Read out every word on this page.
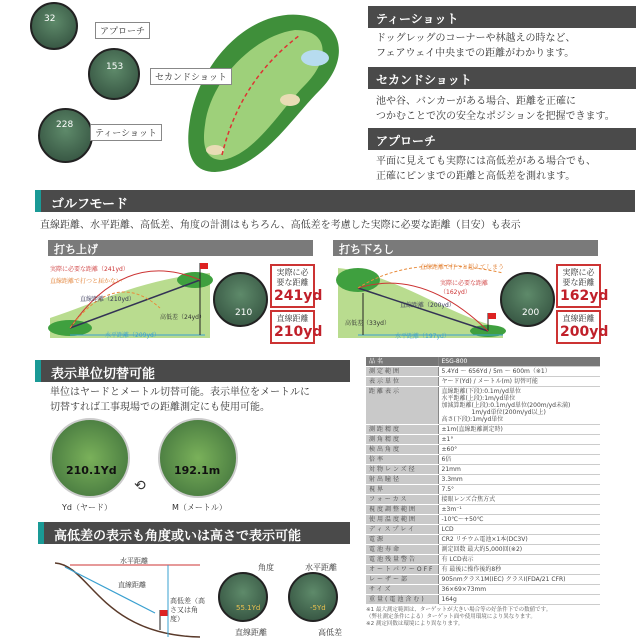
32
アプローチ
153
セカンドショット
228
ティーショット
ティーショット
ドッグレッグのコーナーや林越えの時など、
フェアウェイ中央までの距離がわかります。
セカンドショット
池や谷、バンカーがある場合、距離を正確に
つかむことで次の安全なポジションを把握できます。
アプローチ
平面に見えても実際には高低差がある場合でも、
正確にピンまでの距離と高低差を測れます。
ゴルフモード
直線距離、水平距離、高低差、角度の計測はもちろん、高低差を考慮した実際に必要な距離（目安）も表示
打ち上げ
実際に必要な距離（241yd）
直線距離で打つと届かない
直線距離（210yd）
高低差（24yd）
水平距離（209yd）
210
実際に必要な距離
241yd
直線距離
210yd
打ち下ろし
直線距離で打つと超えてしまう
実際に必要な距離
（162yd）
直線距離（200yd）
高低差（33yd）
水平距離（197yd）
200
実際に必要な距離
162yd
直線距離
200yd
表示単位切替可能
単位はヤードとメートル切替可能。表示単位をメートルに
切替すれば工事現場での距離測定にも使用可能。
210.1Yd	192.1m
⟲
Yd（ヤード）	M（メートル）
高低差の表示も角度或いは高さで表示可能
水平距離
直線距離
高低差（高さ又は角度）
角度
55.1Yd
直線距離
水平距離
-5Yd
高低差
品名	ESG-800
測定範囲	5.4Yd 〜 656Yd / 5m 〜 600m（※1）
表示単位	ヤード(Yd) / メートル(m) 切替可能
距離表示	直線距離(下段):0.1m/yd単位
水平距離(上段):1m/yd単位
加減算距離(上段):0.1m/yd単位(200m/yd未満)
　　　　　1m/yd単位(200m/yd以上)
高さ(下段):1m/yd単位
測距精度	±1m(直線距離測定時)
測角精度	±1°
検出角度	±60°
倍率	6倍
対物レンズ径	21mm
射出瞳径	3.3mm
視界	7.5°
フォーカス	接眼レンズ合焦方式
視度調整範囲	±3m⁻¹
使用温度範囲	-10℃〜+50℃
ディスプレイ	LCD
電源	CR2 リチウム電池×1本(DC3V)
電池寿命	測定回数 最大約5,000回(※2)
電池残量警告	有 LCD表示
オートパワーOFF	有 最後に操作後約8秒
レーザー部	905nmクラス1M(IEC) クラスⅠ(FDA/21 CFR)
サイズ	36×69×73mm
重量(電池含む)	164g
※1 最大測定範囲は、ターゲットが大きい場合等の好条件下での数値です。
（弊社測定条件による）ターゲット面や使用環境により異なります。
※2 測定回数は環境により異なります。
